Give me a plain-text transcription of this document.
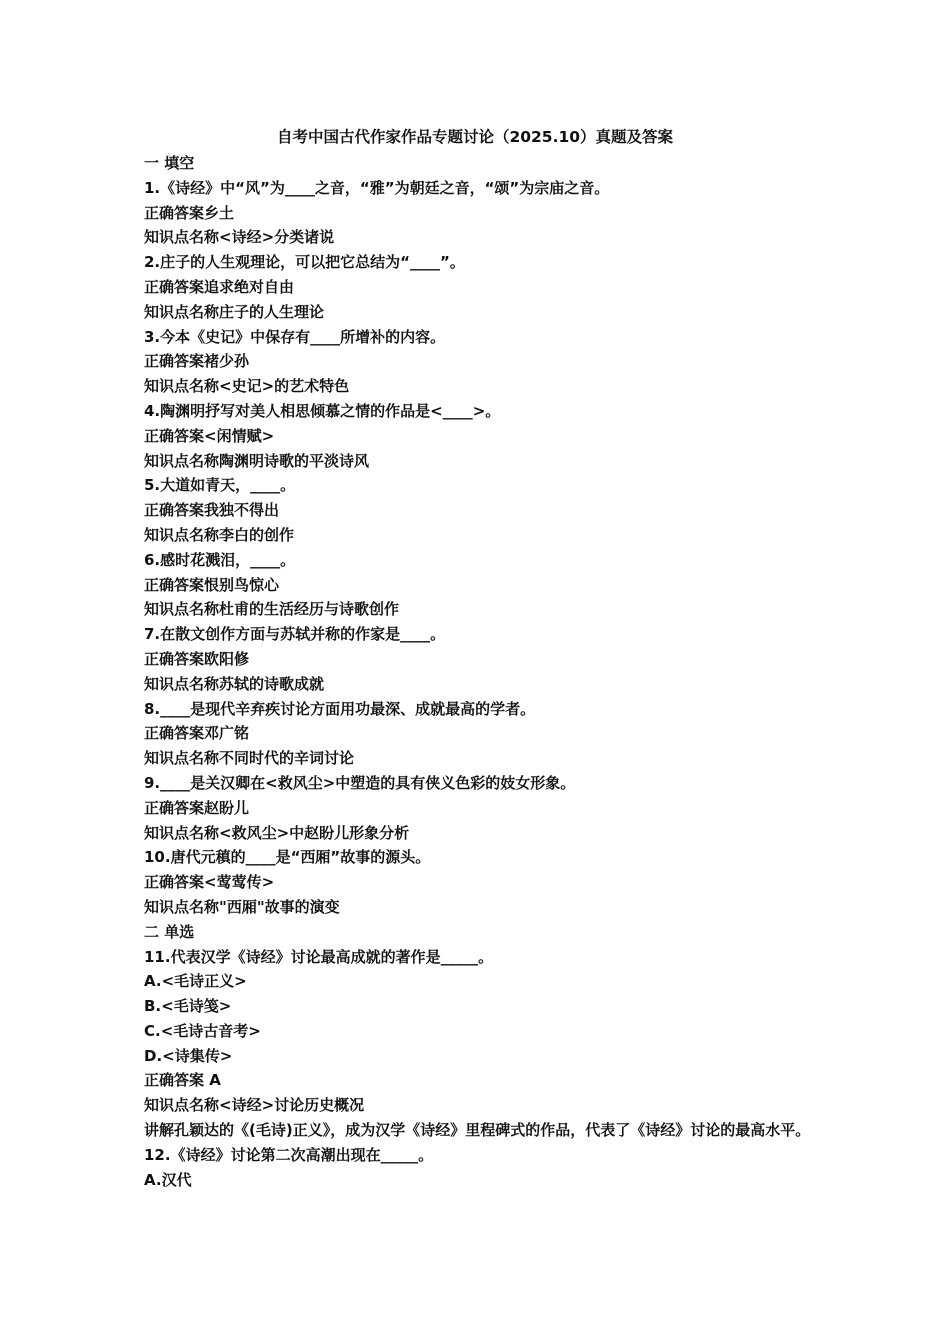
自考中国古代作家作品专题讨论（2025.10）真题及答案
一 填空
1.《诗经》中“风”为____之音，“雅”为朝廷之音，“颂”为宗庙之音。
正确答案乡土
知识点名称<诗经>分类诸说
2.庄子的人生观理论，可以把它总结为“____”。
正确答案追求绝对自由
知识点名称庄子的人生理论
3.今本《史记》中保存有____所增补的内容。
正确答案褚少孙
知识点名称<史记>的艺术特色
4.陶渊明抒写对美人相思倾慕之情的作品是<____>。
正确答案<闲情赋>
知识点名称陶渊明诗歌的平淡诗风
5.大道如青天，____。
正确答案我独不得出
知识点名称李白的创作
6.感时花溅泪，____。
正确答案恨别鸟惊心
知识点名称杜甫的生活经历与诗歌创作
7.在散文创作方面与苏轼并称的作家是____。
正确答案欧阳修
知识点名称苏轼的诗歌成就
8.____是现代辛弃疾讨论方面用功最深、成就最高的学者。
正确答案邓广铭
知识点名称不同时代的辛词讨论
9.____是关汉卿在<救风尘>中塑造的具有侠义色彩的妓女形象。
正确答案赵盼儿
知识点名称<救风尘>中赵盼儿形象分析
10.唐代元稹的____是“西厢”故事的源头。
正确答案<莺莺传>
知识点名称"西厢"故事的演变
二 单选
11.代表汉学《诗经》讨论最高成就的著作是_____。
A.<毛诗正义>
B.<毛诗笺>
C.<毛诗古音考>
D.<诗集传>
正确答案 A
知识点名称<诗经>讨论历史概况
讲解孔颖达的《(毛诗)正义》，成为汉学《诗经》里程碑式的作品，代表了《诗经》讨论的最高水平。
12.《诗经》讨论第二次高潮出现在_____。
A.汉代
